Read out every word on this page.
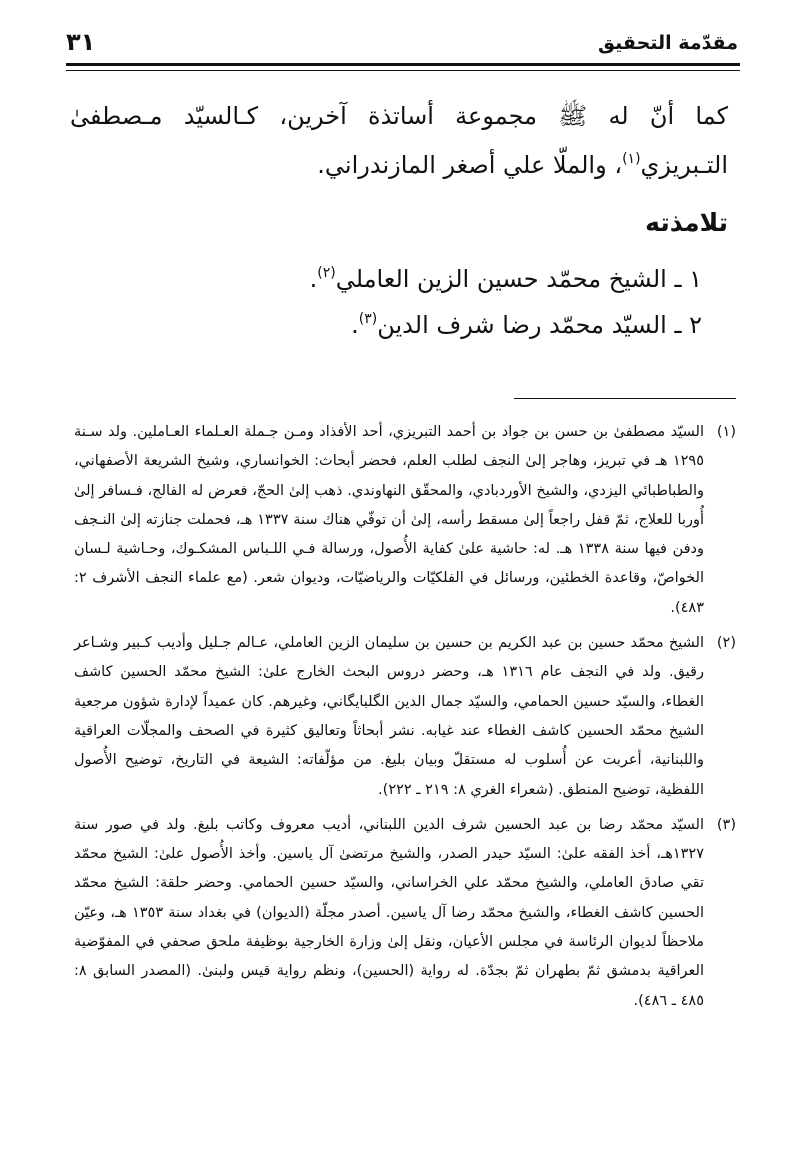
مقدّمة التحقيق
٣١

كما أنّ له ﷺ مجموعة أساتذة آخرين، كـالسيّد مـصطفىٰ التـبريزي$^{(١)}$، والملّا علي أصغر المازندراني.

تلامذته
١ ـ الشيخ محمّد حسين الزين العاملي$^{(٢)}$.
٢ ـ السيّد محمّد رضا شرف الدين$^{(٣)}$.
(١)
السيّد مصطفىٰ بن حسن بن جواد بن أحمد التبريزي، أحد الأفذاد ومـن جـملة العـلماء العـاملين. ولد سـنة ١٢٩٥ هـ في تبريز، وهاجر إلىٰ النجف لطلب العلم، فحضر أبحاث: الخوانساري، وشيخ الشريعة الأصفهاني، والطباطبائي اليزدي، والشيخ الأوردبادي، والمحقّق النهاوندي. ذهب إلىٰ الحجّ، فعرض له الفالج، فـسافر إلىٰ أُوربا للعلاج، ثمّ قفل راجعاً إلىٰ مسقط رأسه، إلىٰ أن توفّي هناك سنة ١٣٣٧ هـ، فحملت جنازته إلىٰ النـجف ودفن فيها سنة ١٣٣٨ هـ. له: حاشية علىٰ كفاية الأُصول، ورسالة فـي اللـباس المشكـوك، وحـاشية لـسان الخواصّ، وقاعدة الخطئين، ورسائل في الفلكيّات والرياضيّات، وديوان شعر. (مع علماء النجف الأشرف ٢: ٤٨٣).
(٢)
الشيخ محمّد حسين بن عبد الكريم بن حسين بن سليمان الزين العاملي، عـالم جـليل وأديب كـبير وشـاعر رقيق. ولد في النجف عام ١٣١٦ هـ، وحضر دروس البحث الخارج علىٰ: الشيخ محمّد الحسين كاشف الغطاء، والسيّد حسين الحمامي، والسيّد جمال الدين الگلبايگاني، وغيرهم. كان عميداً لإدارة شؤون مرجعية الشيخ محمّد الحسين كاشف الغطاء عند غيابه. نشر أبحاثاً وتعاليق كثيرة في الصحف والمجلّات العراقية واللبنانية، أعربت عن أُسلوب له مستقلّ وبيان بليغ. من مؤلّفاته: الشيعة في التاريخ، توضيح الأُصول اللفظية، توضيح المنطق. (شعراء الغري ٨: ٢١٩ ـ ٢٢٢).
(٣)
السيّد محمّد رضا بن عبد الحسين شرف الدين اللبناني، أديب معروف وكاتب بليغ. ولد في صور سنة ١٣٢٧هـ، أخذ الفقه علىٰ: السيّد حيدر الصدر، والشيخ مرتضىٰ آل ياسين. وأخذ الأُصول علىٰ: الشيخ محمّد تقي صادق العاملي، والشيخ محمّد علي الخراساني، والسيّد حسين الحمامي. وحضر حلقة: الشيخ محمّد الحسين كاشف الغطاء، والشيخ محمّد رضا آل ياسين. أصدر مجلّة (الديوان) في بغداد سنة ١٣٥٣ هـ، وعيّن ملاحظاً لديوان الرئاسة في مجلس الأعيان، ونقل إلىٰ وزارة الخارجية بوظيفة ملحق صحفي في المفوّضية العراقية بدمشق ثمّ بطهران ثمّ بجدّة. له رواية (الحسين)، ونظم رواية قيس ولبنىٰ. (المصدر السابق ٨: ٤٨٥ ـ ٤٨٦).
